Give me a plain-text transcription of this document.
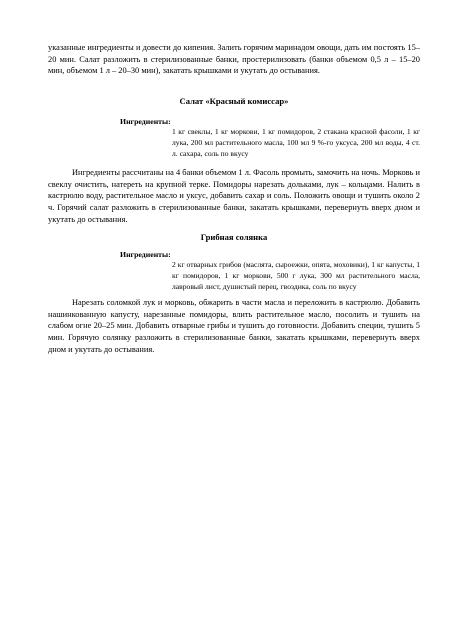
указанные ингредиенты и довести до кипения. Залить горячим маринадом овощи, дать им постоять 15–20 мин. Салат разложить в стерилизованные банки, простерилизовать (банки объемом 0,5 л – 15–20 мин, объемом 1 л – 20–30 мин), закатать крышками и укутать до остывания.

Салат «Красный комиссар»

Ингредиенты:

1 кг свеклы, 1 кг моркови, 1 кг помидоров, 2 стакана красной фасоли, 1 кг лука, 200 мл растительного масла, 100 мл 9 %-го уксуса, 200 мл воды, 4 ст. л. сахара, соль по вкусу

Ингредиенты рассчитаны на 4 банки объемом 1 л. Фасоль промыть, замочить на ночь. Морковь и свеклу очистить, натереть на крупной терке. Помидоры нарезать дольками, лук – кольцами. Налить в кастрюлю воду, растительное масло и уксус, добавить сахар и соль. Положить овощи и тушить около 2 ч. Горячий салат разложить в стерилизованные банки, закатать крышками, перевернуть вверх дном и укутать до остывания.

Грибная солянка

Ингредиенты:

2 кг отварных грибов (маслята, сыроежки, опята, моховики), 1 кг капусты, 1 кг помидоров, 1 кг моркови, 500 г лука, 300 мл растительного масла, лавровый лист, душистый перец, гвоздика, соль по вкусу

Нарезать соломкой лук и морковь, обжарить в части масла и переложить в кастрюлю. Добавить нашинкованную капусту, нарезанные помидоры, влить растительное масло, посолить и тушить на слабом огне 20–25 мин. Добавить отварные грибы и тушить до готовности. Добавить специи, тушить 5 мин. Горячую солянку разложить в стерилизованные банки, закатать крышками, перевернуть вверх дном и укутать до остывания.
